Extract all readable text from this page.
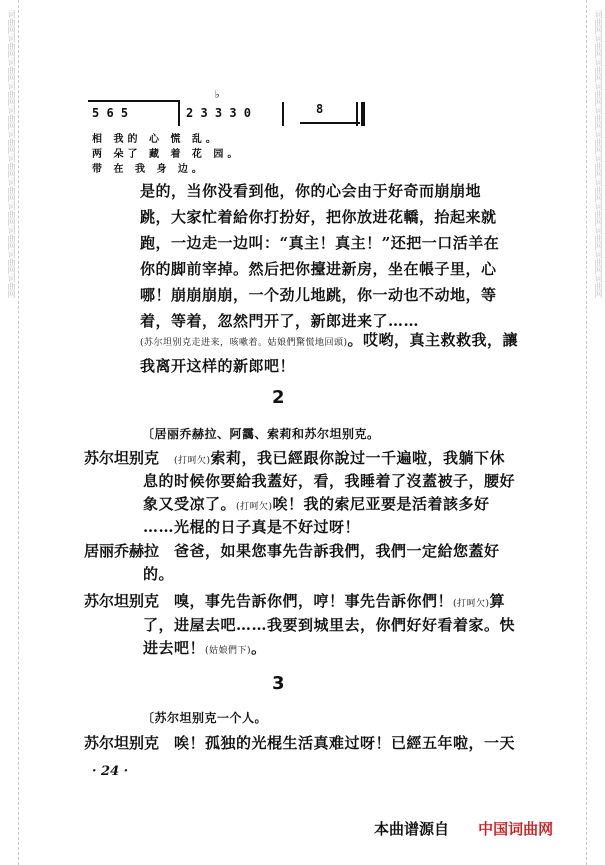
词曲网词曲网词曲网词曲网词曲网词曲网词曲网词曲网词曲网词曲网词曲网词曲网	词曲网词曲网词曲网词曲网词曲网词曲网词曲网词曲网词曲网词曲网词曲网词曲网
5 6 5	2 3 3 3 0
♭
8
相 我的 心 慌 乱。
两 朵了 藏 着 花 园。
带 在 我 身 边。
是的，当你没看到他，你的心会由于好奇而崩崩地
跳，大家忙着給你打扮好，把你放进花轎，抬起来就
跑，一边走一边叫：“真主！真主！”还把一口活羊在
你的脚前宰掉。然后把你擡进新房，坐在帳子里，心
哪！崩崩崩崩，一个劲儿地跳，你一动也不动地，等
着，等着，忽然門开了，新郎进来了……
(苏尔坦别克走进来，咳嗽着。姑娘們驚慌地回頭)。哎哟，真主救救我，讓
我离开这样的新郎吧！
2
〔居丽乔赫拉、阿靄、索莉和苏尔坦别克。
苏尔坦别克 (打呵欠)索莉，我已經跟你說过一千遍啦，我躺下休
息的时候你要給我蓋好，看，我睡着了沒蓋被子，腰好
象又受凉了。(打呵欠)唉！我的索尼亚要是活着該多好
……光棍的日子真是不好过呀！
居丽乔赫拉 爸爸，如果您事先告訴我們，我們一定給您蓋好
的。
苏尔坦别克 嗅，事先告訴你們，哼！事先告訴你們！(打呵欠)算
了，进屋去吧……我要到城里去，你們好好看着家。快
进去吧！(姑娘們下)。
3
〔苏尔坦别克一个人。
苏尔坦别克 唉！孤独的光棍生活真难过呀！已經五年啦，一天
· 24 ·
本曲谱源自 中国词曲网
